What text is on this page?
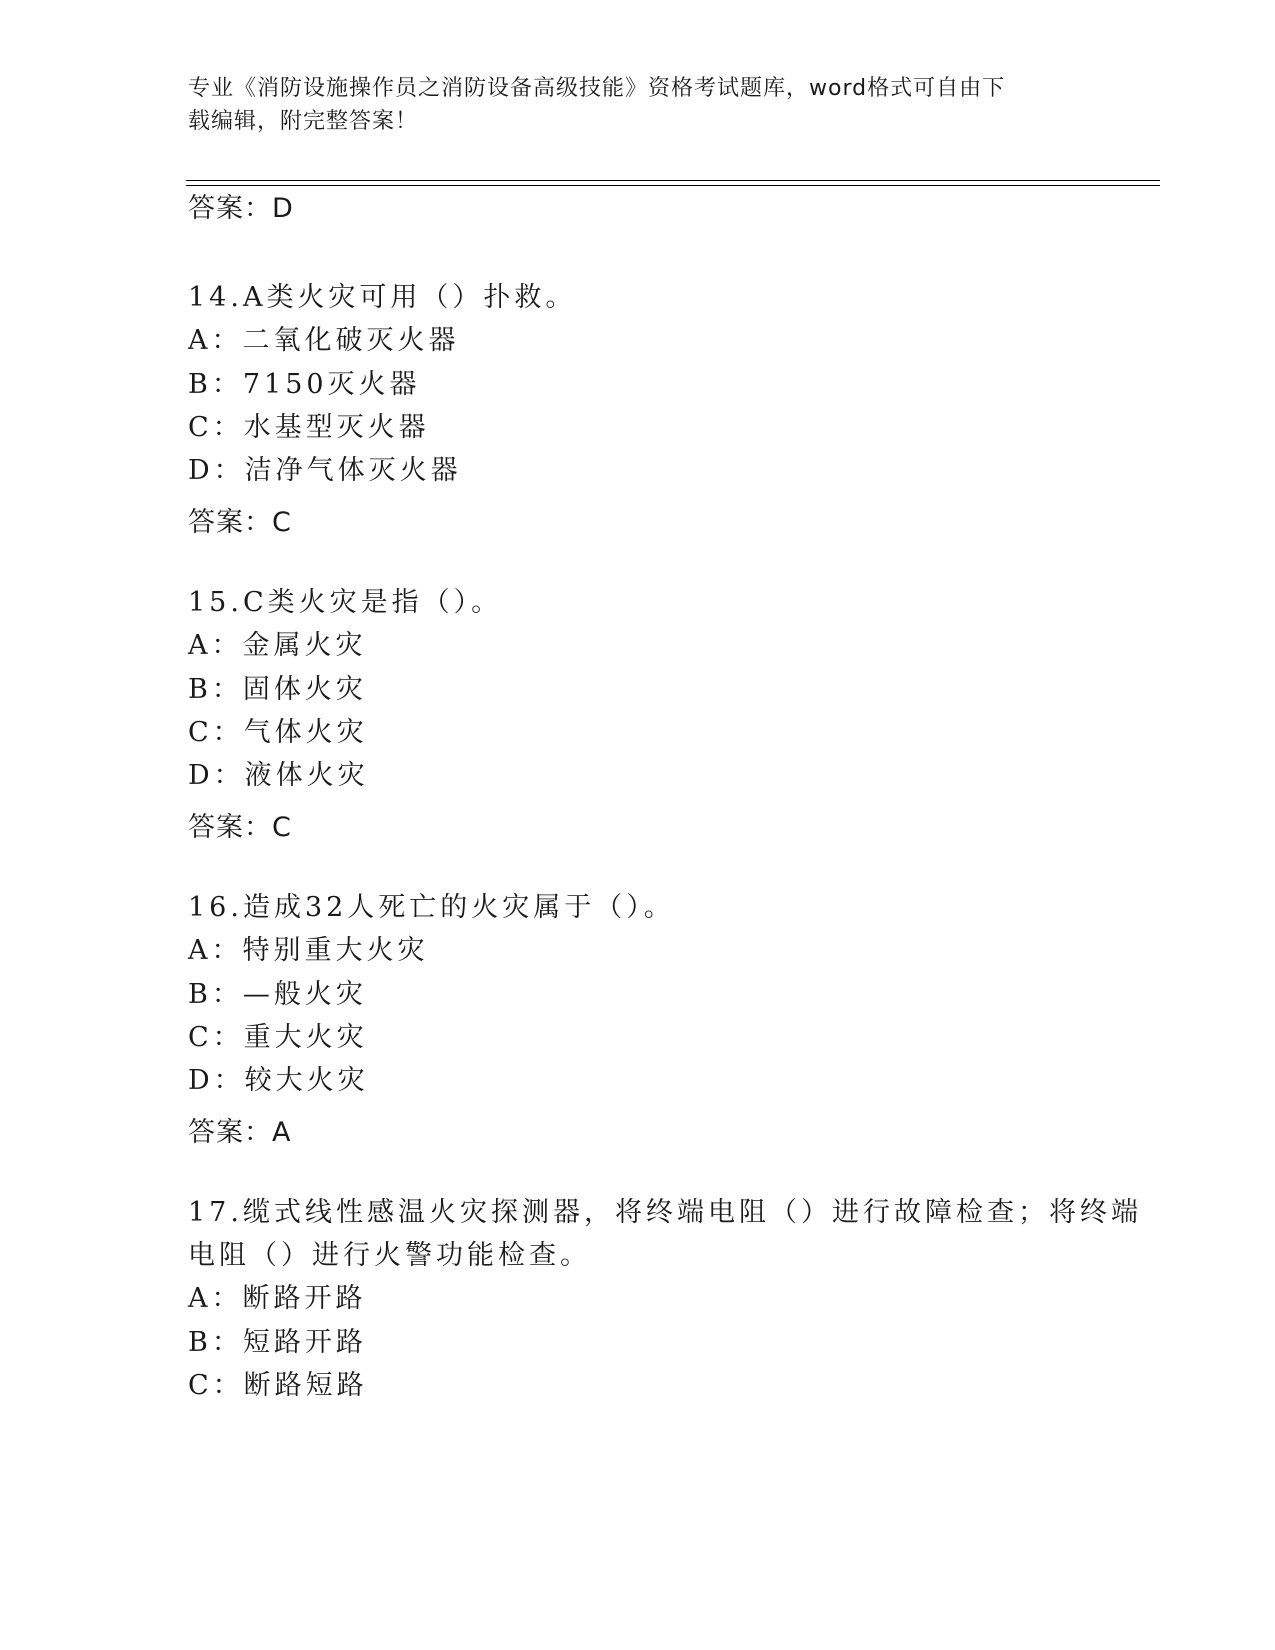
专业《消防设施操作员之消防设备高级技能》资格考试题库，word格式可自由下
载编辑，附完整答案！
答案：D
14.A类火灾可用（）扑救。
A：二氧化破灭火器
B：7150灭火器
C：水基型灭火器
D：洁净气体灭火器
答案：C
15.C类火灾是指（）。
A：金属火灾
B：固体火灾
C：气体火灾
D：液体火灾
答案：C
16.造成32人死亡的火灾属于（）。
A：特别重大火灾
B：—般火灾
C：重大火灾
D：较大火灾
答案：A
17.缆式线性感温火灾探测器，将终端电阻（）进行故障检查；将终端
电阻（）进行火警功能检查。
A：断路开路
B：短路开路
C：断路短路
